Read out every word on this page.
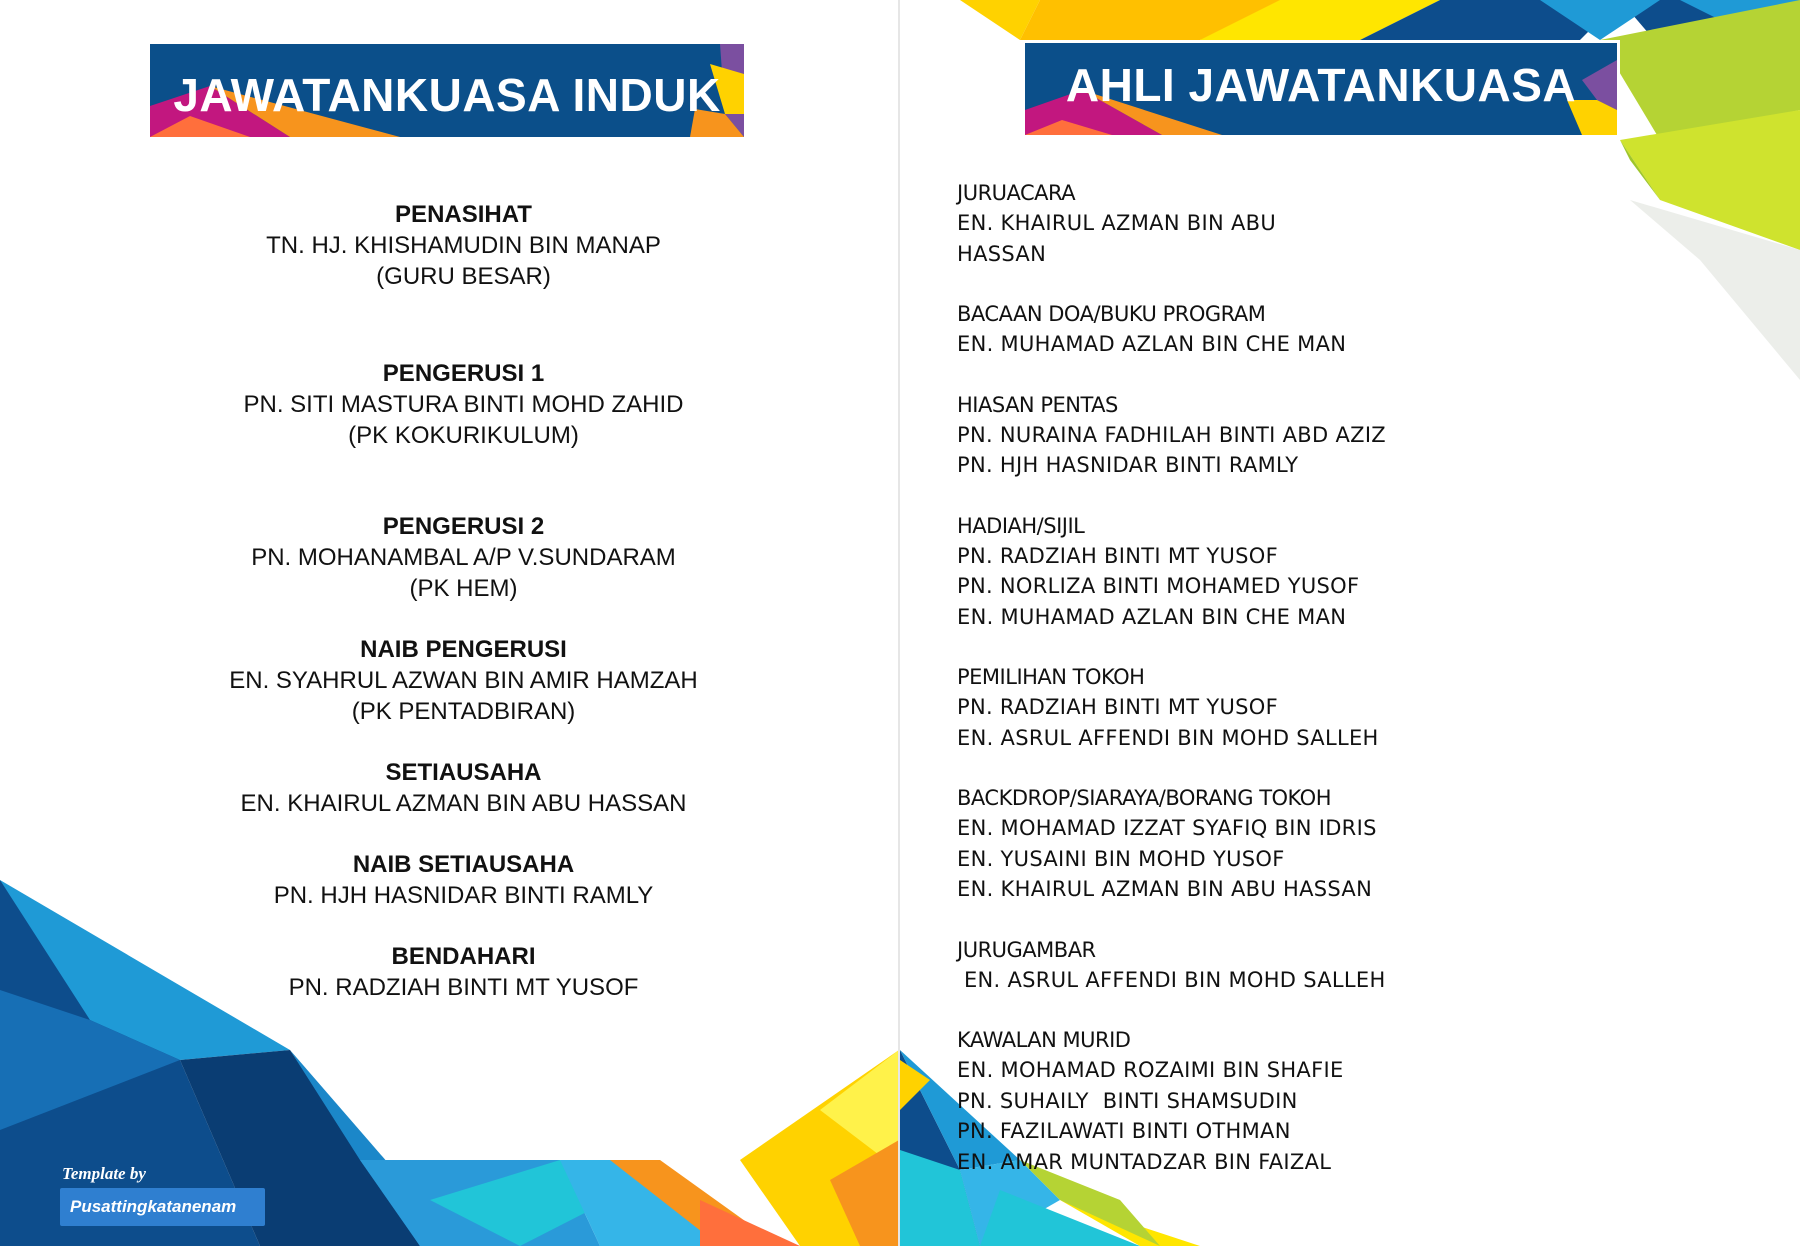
JAWATANKUASA INDUK
PENASIHAT
TN. HJ. KHISHAMUDIN BIN MANAP
(GURU BESAR)
PENGERUSI 1
PN. SITI MASTURA BINTI MOHD ZAHID
(PK KOKURIKULUM)
PENGERUSI 2
PN. MOHANAMBAL A/P V.SUNDARAM
(PK HEM)
NAIB PENGERUSI
EN. SYAHRUL AZWAN BIN AMIR HAMZAH
(PK PENTADBIRAN)
SETIAUSAHA
EN. KHAIRUL AZMAN BIN ABU HASSAN
NAIB SETIAUSAHA
PN. HJH HASNIDAR BINTI RAMLY
BENDAHARI
PN. RADZIAH BINTI MT YUSOF
Template by
Pusattingkatanenam
AHLI JAWATANKUASA
JURUACARA
EN. KHAIRUL AZMAN BIN ABU
HASSAN
BACAAN DOA/BUKU PROGRAM
EN. MUHAMAD AZLAN BIN CHE MAN
HIASAN PENTAS
PN. NURAINA FADHILAH BINTI ABD AZIZ
PN. HJH HASNIDAR BINTI RAMLY
HADIAH/SIJIL
PN. RADZIAH BINTI MT YUSOF
PN. NORLIZA BINTI MOHAMED YUSOF
EN. MUHAMAD AZLAN BIN CHE MAN
PEMILIHAN TOKOH
PN. RADZIAH BINTI MT YUSOF
EN. ASRUL AFFENDI BIN MOHD SALLEH
BACKDROP/SIARAYA/BORANG TOKOH
EN. MOHAMAD IZZAT SYAFIQ BIN IDRIS
EN. YUSAINI BIN MOHD YUSOF
EN. KHAIRUL AZMAN BIN ABU HASSAN
JURUGAMBAR
EN. ASRUL AFFENDI BIN MOHD SALLEH
KAWALAN MURID
EN. MOHAMAD ROZAIMI BIN SHAFIE
PN. SUHAILY  BINTI SHAMSUDIN
PN. FAZILAWATI BINTI OTHMAN
EN. AMAR MUNTADZAR BIN FAIZAL
